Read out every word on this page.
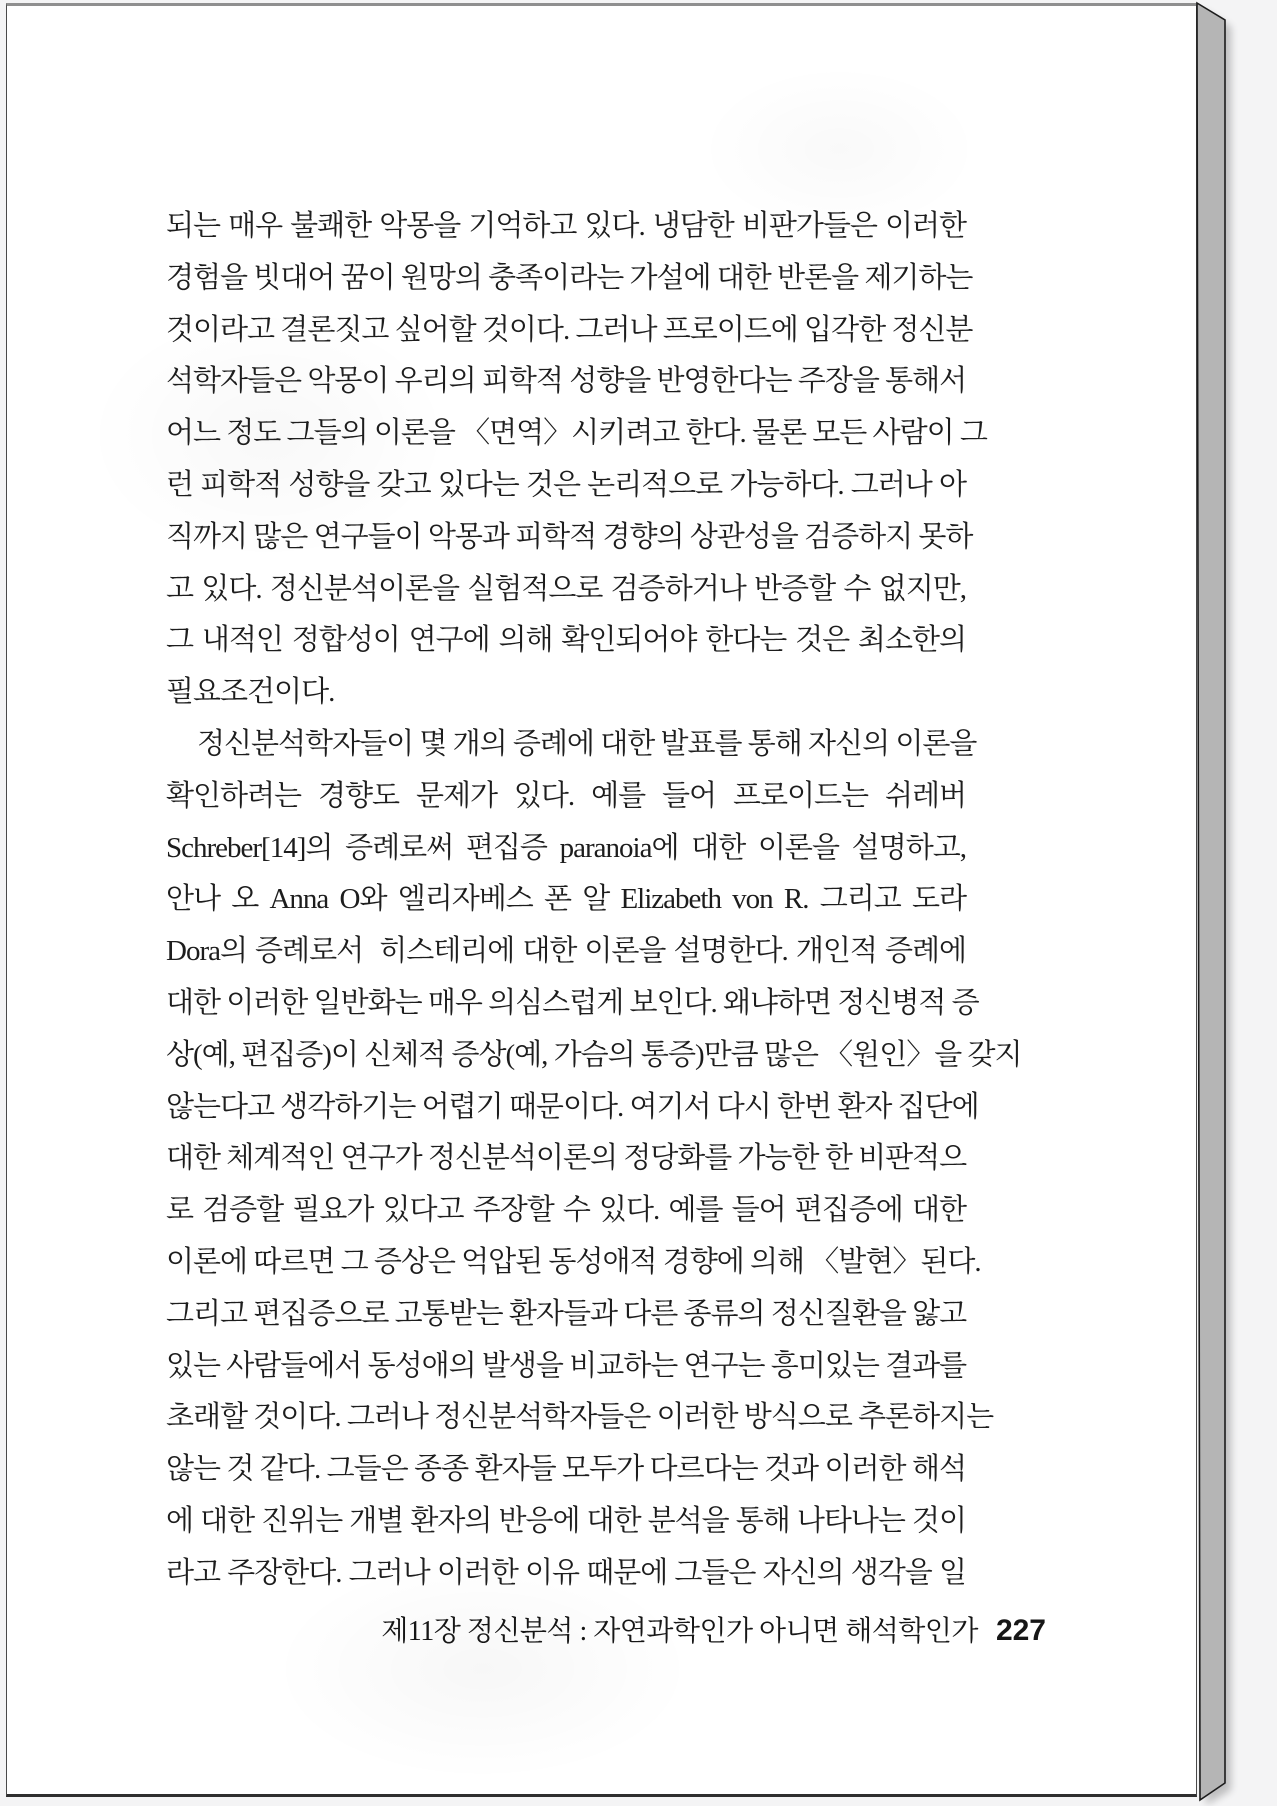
되는 매우 불쾌한 악몽을 기억하고 있다. 냉담한 비판가들은 이러한
경험을 빗대어 꿈이 원망의 충족이라는 가설에 대한 반론을 제기하는
것이라고 결론짓고 싶어할 것이다. 그러나 프로이드에 입각한 정신분
석학자들은 악몽이 우리의 피학적 성향을 반영한다는 주장을 통해서
어느 정도 그들의 이론을 〈면역〉시키려고 한다. 물론 모든 사람이 그
런 피학적 성향을 갖고 있다는 것은 논리적으로 가능하다. 그러나 아
직까지 많은 연구들이 악몽과 피학적 경향의 상관성을 검증하지 못하
고 있다. 정신분석이론을 실험적으로 검증하거나 반증할 수 없지만,
그 내적인 정합성이 연구에 의해 확인되어야 한다는 것은 최소한의
필요조건이다.
정신분석학자들이 몇 개의 증례에 대한 발표를 통해 자신의 이론을
확인하려는 경향도 문제가 있다. 예를 들어 프로이드는 쉬레버
Schreber[14]의 증례로써 편집증 paranoia에 대한 이론을 설명하고,
안나 오 Anna O와 엘리자베스 폰 알 Elizabeth von R. 그리고 도라
Dora의 증례로서  히스테리에 대한 이론을 설명한다. 개인적 증례에
대한 이러한 일반화는 매우 의심스럽게 보인다. 왜냐하면 정신병적 증
상(예, 편집증)이 신체적 증상(예, 가슴의 통증)만큼 많은 〈원인〉을 갖지
않는다고 생각하기는 어렵기 때문이다. 여기서 다시 한번 환자 집단에
대한 체계적인 연구가 정신분석이론의 정당화를 가능한 한 비판적으
로 검증할 필요가 있다고 주장할 수 있다. 예를 들어 편집증에 대한
이론에 따르면 그 증상은 억압된 동성애적 경향에 의해 〈발현〉된다.
그리고 편집증으로 고통받는 환자들과 다른 종류의 정신질환을 앓고
있는 사람들에서 동성애의 발생을 비교하는 연구는 흥미있는 결과를
초래할 것이다. 그러나 정신분석학자들은 이러한 방식으로 추론하지는
않는 것 같다. 그들은 종종 환자들 모두가 다르다는 것과 이러한 해석
에 대한 진위는 개별 환자의 반응에 대한 분석을 통해 나타나는 것이
라고 주장한다. 그러나 이러한 이유 때문에 그들은 자신의 생각을 일
제11장 정신분석 : 자연과학인가 아니면 해석학인가 227
